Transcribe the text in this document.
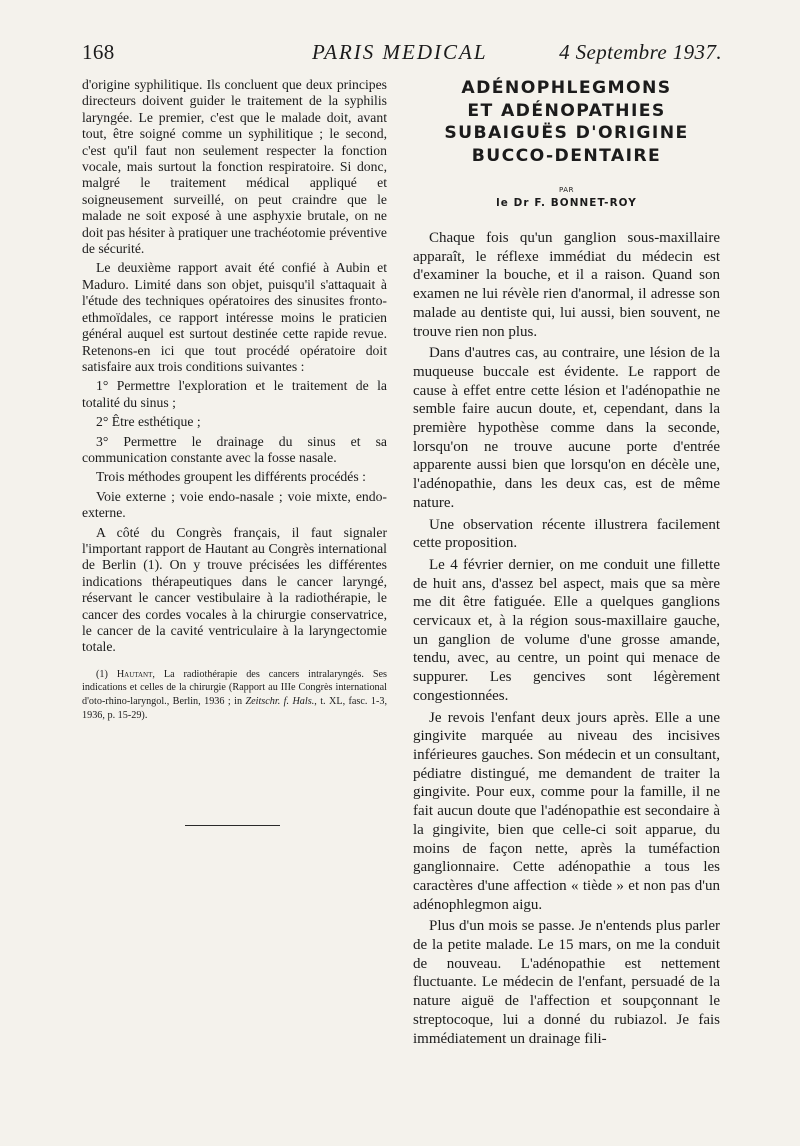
168	PARIS MEDICAL	4 Septembre 1937.

d'origine syphilitique. Ils concluent que deux principes directeurs doivent guider le traitement de la syphilis laryngée. Le premier, c'est que le malade doit, avant tout, être soigné comme un syphilitique ; le second, c'est qu'il faut non seulement respecter la fonction vocale, mais surtout la fonction respiratoire. Si donc, malgré le traitement médical appliqué et soigneusement surveillé, on peut craindre que le malade ne soit exposé à une asphyxie brutale, on ne doit pas hésiter à pratiquer une trachéotomie préventive de sécurité.

Le deuxième rapport avait été confié à Aubin et Maduro. Limité dans son objet, puisqu'il s'attaquait à l'étude des techniques opératoires des sinusites fronto-ethmoïdales, ce rapport intéresse moins le praticien général auquel est surtout destinée cette rapide revue. Retenons-en ici que tout procédé opératoire doit satisfaire aux trois conditions suivantes :

1° Permettre l'exploration et le traitement de la totalité du sinus ;

2° Être esthétique ;

3° Permettre le drainage du sinus et sa communication constante avec la fosse nasale.

Trois méthodes groupent les différents procédés :

Voie externe ; voie endo-nasale ; voie mixte, endo-externe.

A côté du Congrès français, il faut signaler l'important rapport de Hautant au Congrès international de Berlin (1). On y trouve précisées les différentes indications thérapeutiques dans le cancer laryngé, réservant le cancer vestibulaire à la radiothérapie, le cancer des cordes vocales à la chirurgie conservatrice, le cancer de la cavité ventriculaire à la laryngectomie totale.

(1) Hautant, La radiothérapie des cancers intralaryngés. Ses indications et celles de la chirurgie (Rapport au IIIe Congrès international d'oto-rhino-laryngol., Berlin, 1936 ; in Zeitschr. f. Hals., t. XL, fasc. 1-3, 1936, p. 15-29).
ADÉNOPHLEGMONS
ET ADÉNOPATHIES
SUBAIGUËS D'ORIGINE
BUCCO-DENTAIRE
PAR
le Dr F. BONNET-ROY

Chaque fois qu'un ganglion sous-maxillaire apparaît, le réflexe immédiat du médecin est d'examiner la bouche, et il a raison. Quand son examen ne lui révèle rien d'anormal, il adresse son malade au dentiste qui, lui aussi, bien souvent, ne trouve rien non plus.

Dans d'autres cas, au contraire, une lésion de la muqueuse buccale est évidente. Le rapport de cause à effet entre cette lésion et l'adénopathie ne semble faire aucun doute, et, cependant, dans la première hypothèse comme dans la seconde, lorsqu'on ne trouve aucune porte d'entrée apparente aussi bien que lorsqu'on en décèle une, l'adénopathie, dans les deux cas, est de même nature.

Une observation récente illustrera facilement cette proposition.

Le 4 février dernier, on me conduit une fillette de huit ans, d'assez bel aspect, mais que sa mère me dit être fatiguée. Elle a quelques ganglions cervicaux et, à la région sous-maxillaire gauche, un ganglion de volume d'une grosse amande, tendu, avec, au centre, un point qui menace de suppurer. Les gencives sont légèrement congestionnées.

Je revois l'enfant deux jours après. Elle a une gingivite marquée au niveau des incisives inférieures gauches. Son médecin et un consultant, pédiatre distingué, me demandent de traiter la gingivite. Pour eux, comme pour la famille, il ne fait aucun doute que l'adénopathie est secondaire à la gingivite, bien que celle-ci soit apparue, du moins de façon nette, après la tuméfaction ganglionnaire. Cette adénopathie a tous les caractères d'une affection « tiède » et non pas d'un adénophlegmon aigu.

Plus d'un mois se passe. Je n'entends plus parler de la petite malade. Le 15 mars, on me la conduit de nouveau. L'adénopathie est nettement fluctuante. Le médecin de l'enfant, persuadé de la nature aiguë de l'affection et soupçonnant le streptocoque, lui a donné du rubiazol. Je fais immédiatement un drainage fili-
